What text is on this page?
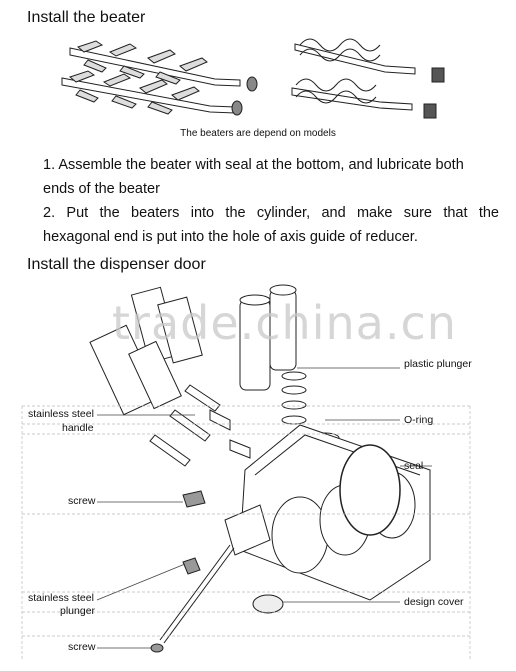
Install the beater
The beaters are depend on models
1. Assemble the beater with seal at the bottom, and lubricate both
ends of the beater
2. Put the beaters into the cylinder, and make sure that the
hexagonal end is put into the hole of axis guide of reducer.
Install the dispenser door
trade.china.cn
plastic plunger
O-ring
seal
design cover
stainless steel
handle
screw
stainless steel
plunger
screw
